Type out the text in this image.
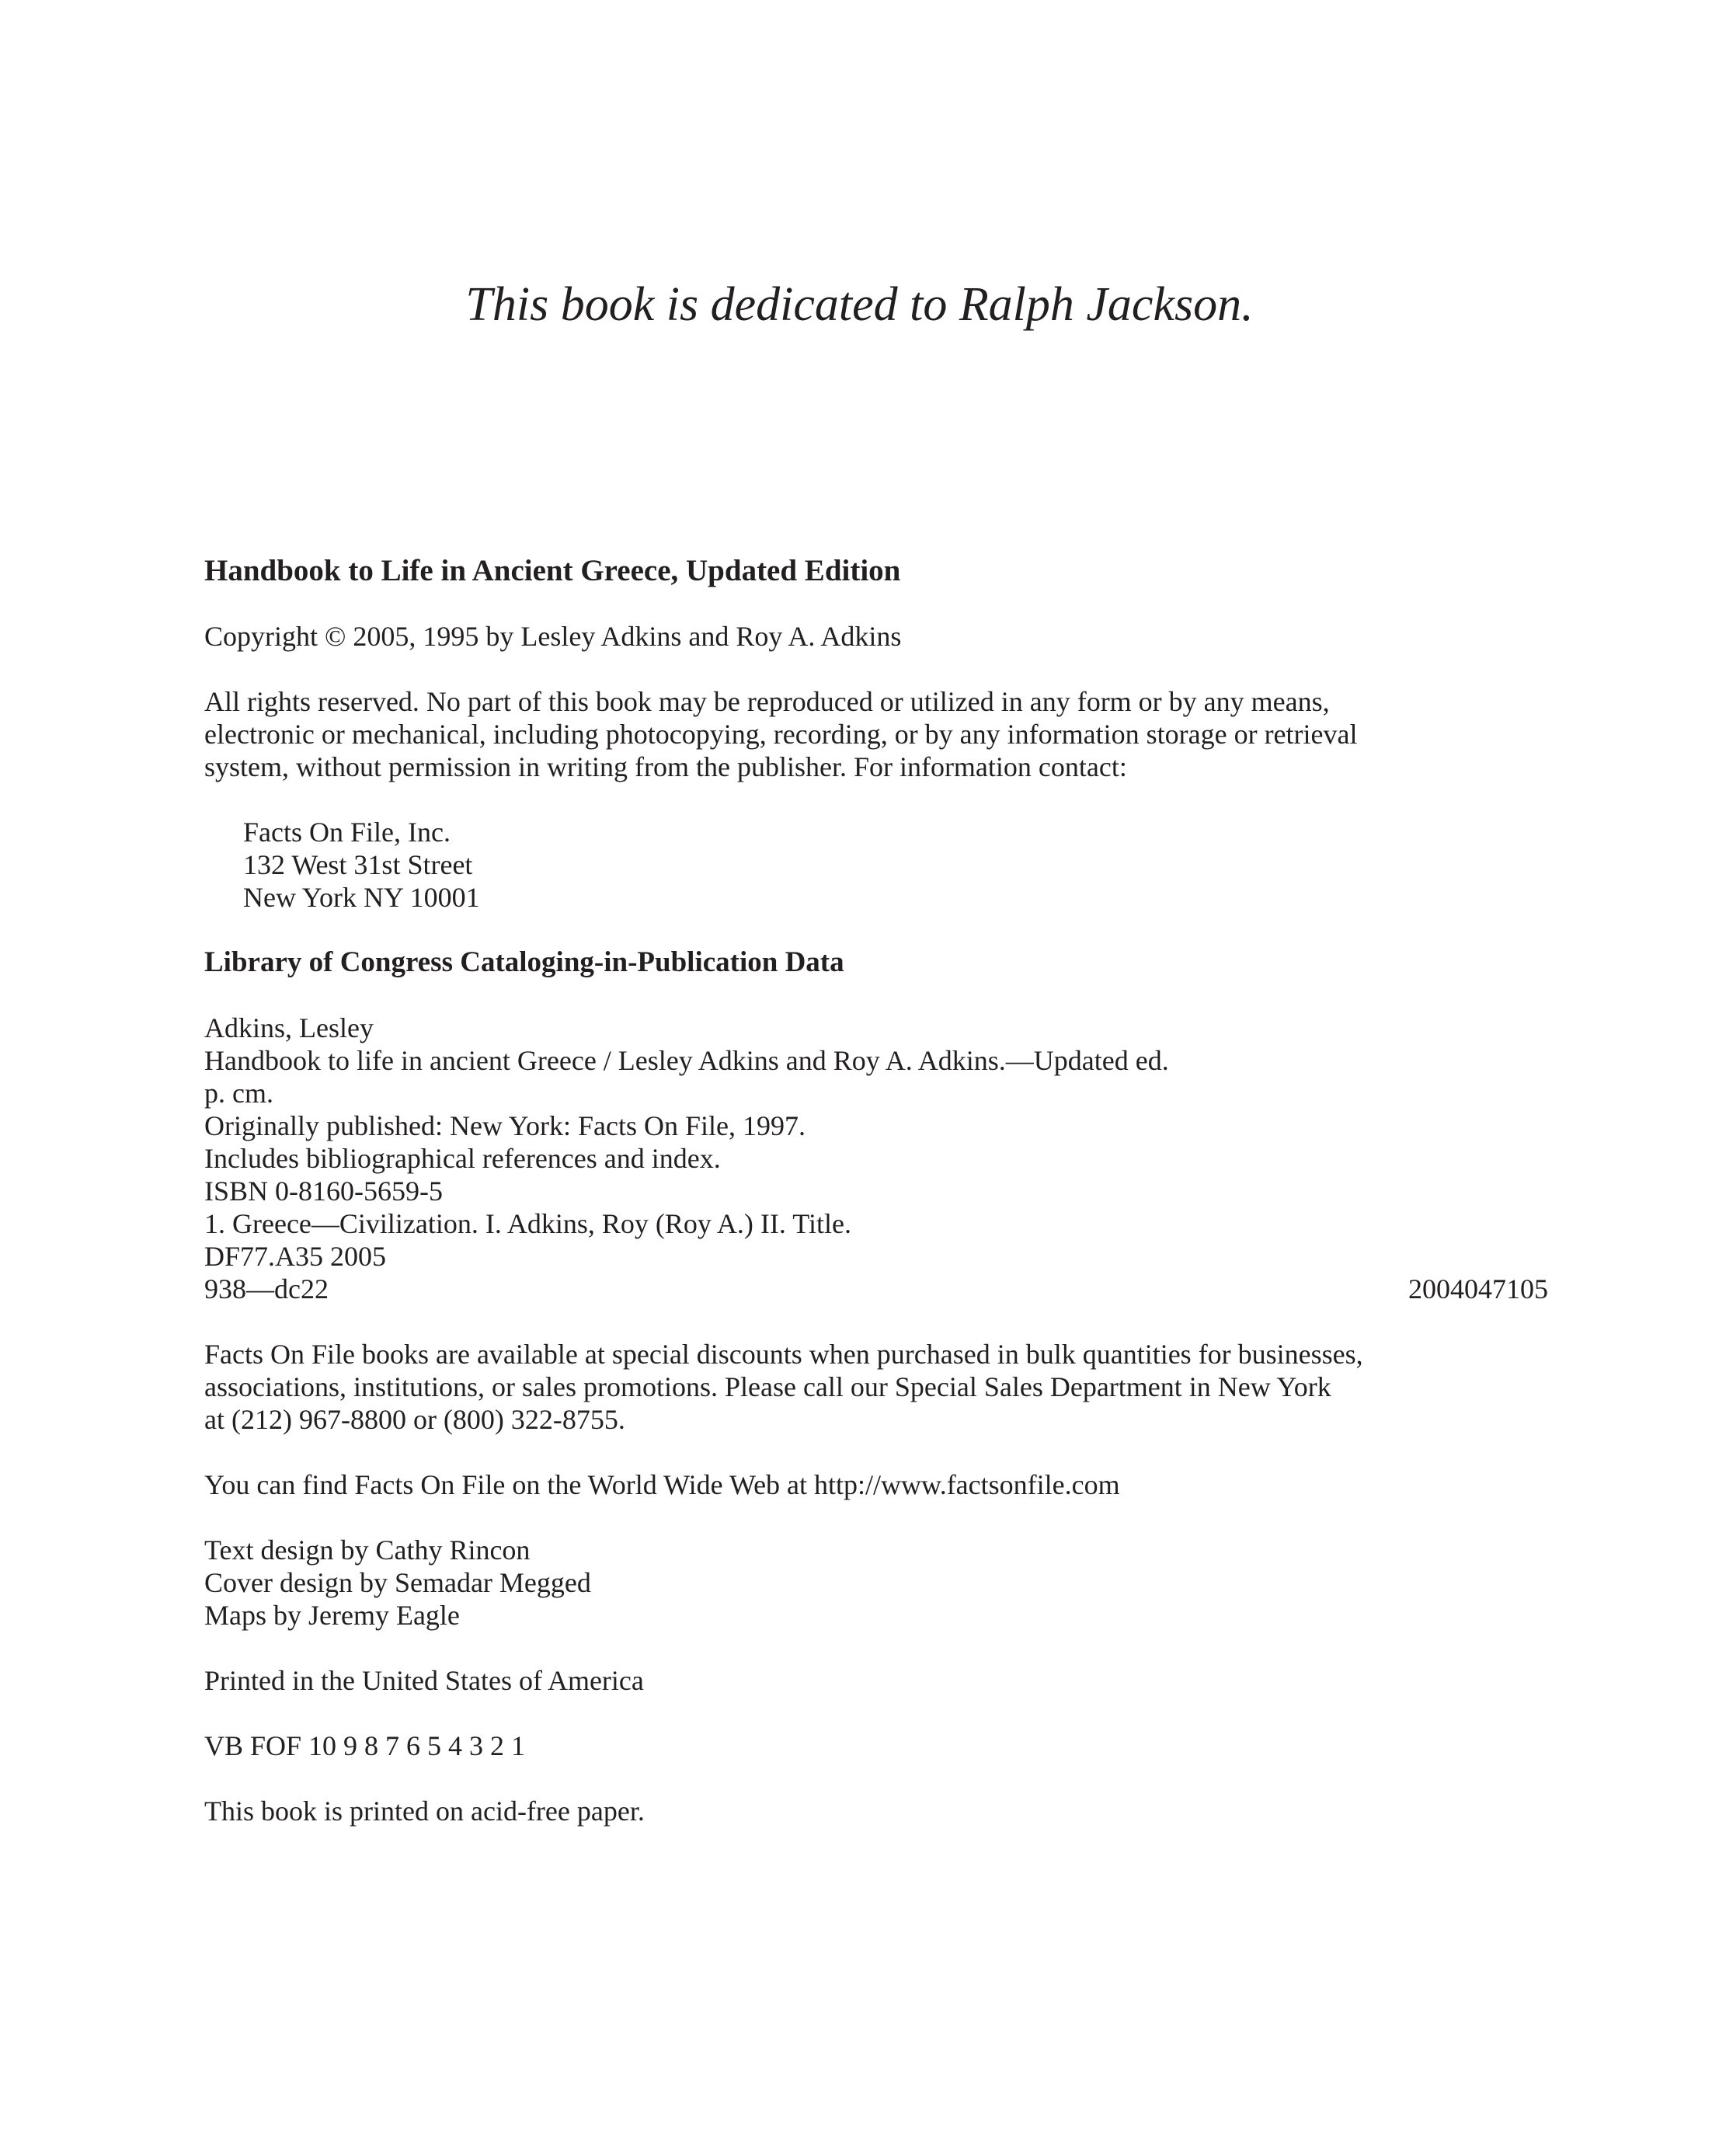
This book is dedicated to Ralph Jackson.
Handbook to Life in Ancient Greece, Updated Edition
Copyright © 2005, 1995 by Lesley Adkins and Roy A. Adkins
All rights reserved. No part of this book may be reproduced or utilized in any form or by any means,
electronic or mechanical, including photocopying, recording, or by any information storage or retrieval
system, without permission in writing from the publisher. For information contact:
Facts On File, Inc.
132 West 31st Street
New York NY 10001
Library of Congress Cataloging-in-Publication Data
Adkins, Lesley
Handbook to life in ancient Greece / Lesley Adkins and Roy A. Adkins.—Updated ed.
p. cm.
Originally published: New York: Facts On File, 1997.
Includes bibliographical references and index.
ISBN 0-8160-5659-5
1. Greece—Civilization. I. Adkins, Roy (Roy A.) II. Title.
DF77.A35 2005
938—dc22	2004047105
Facts On File books are available at special discounts when purchased in bulk quantities for businesses,
associations, institutions, or sales promotions. Please call our Special Sales Department in New York
at (212) 967-8800 or (800) 322-8755.
You can find Facts On File on the World Wide Web at http://www.factsonfile.com
Text design by Cathy Rincon
Cover design by Semadar Megged
Maps by Jeremy Eagle
Printed in the United States of America
VB FOF 10 9 8 7 6 5 4 3 2 1
This book is printed on acid-free paper.
